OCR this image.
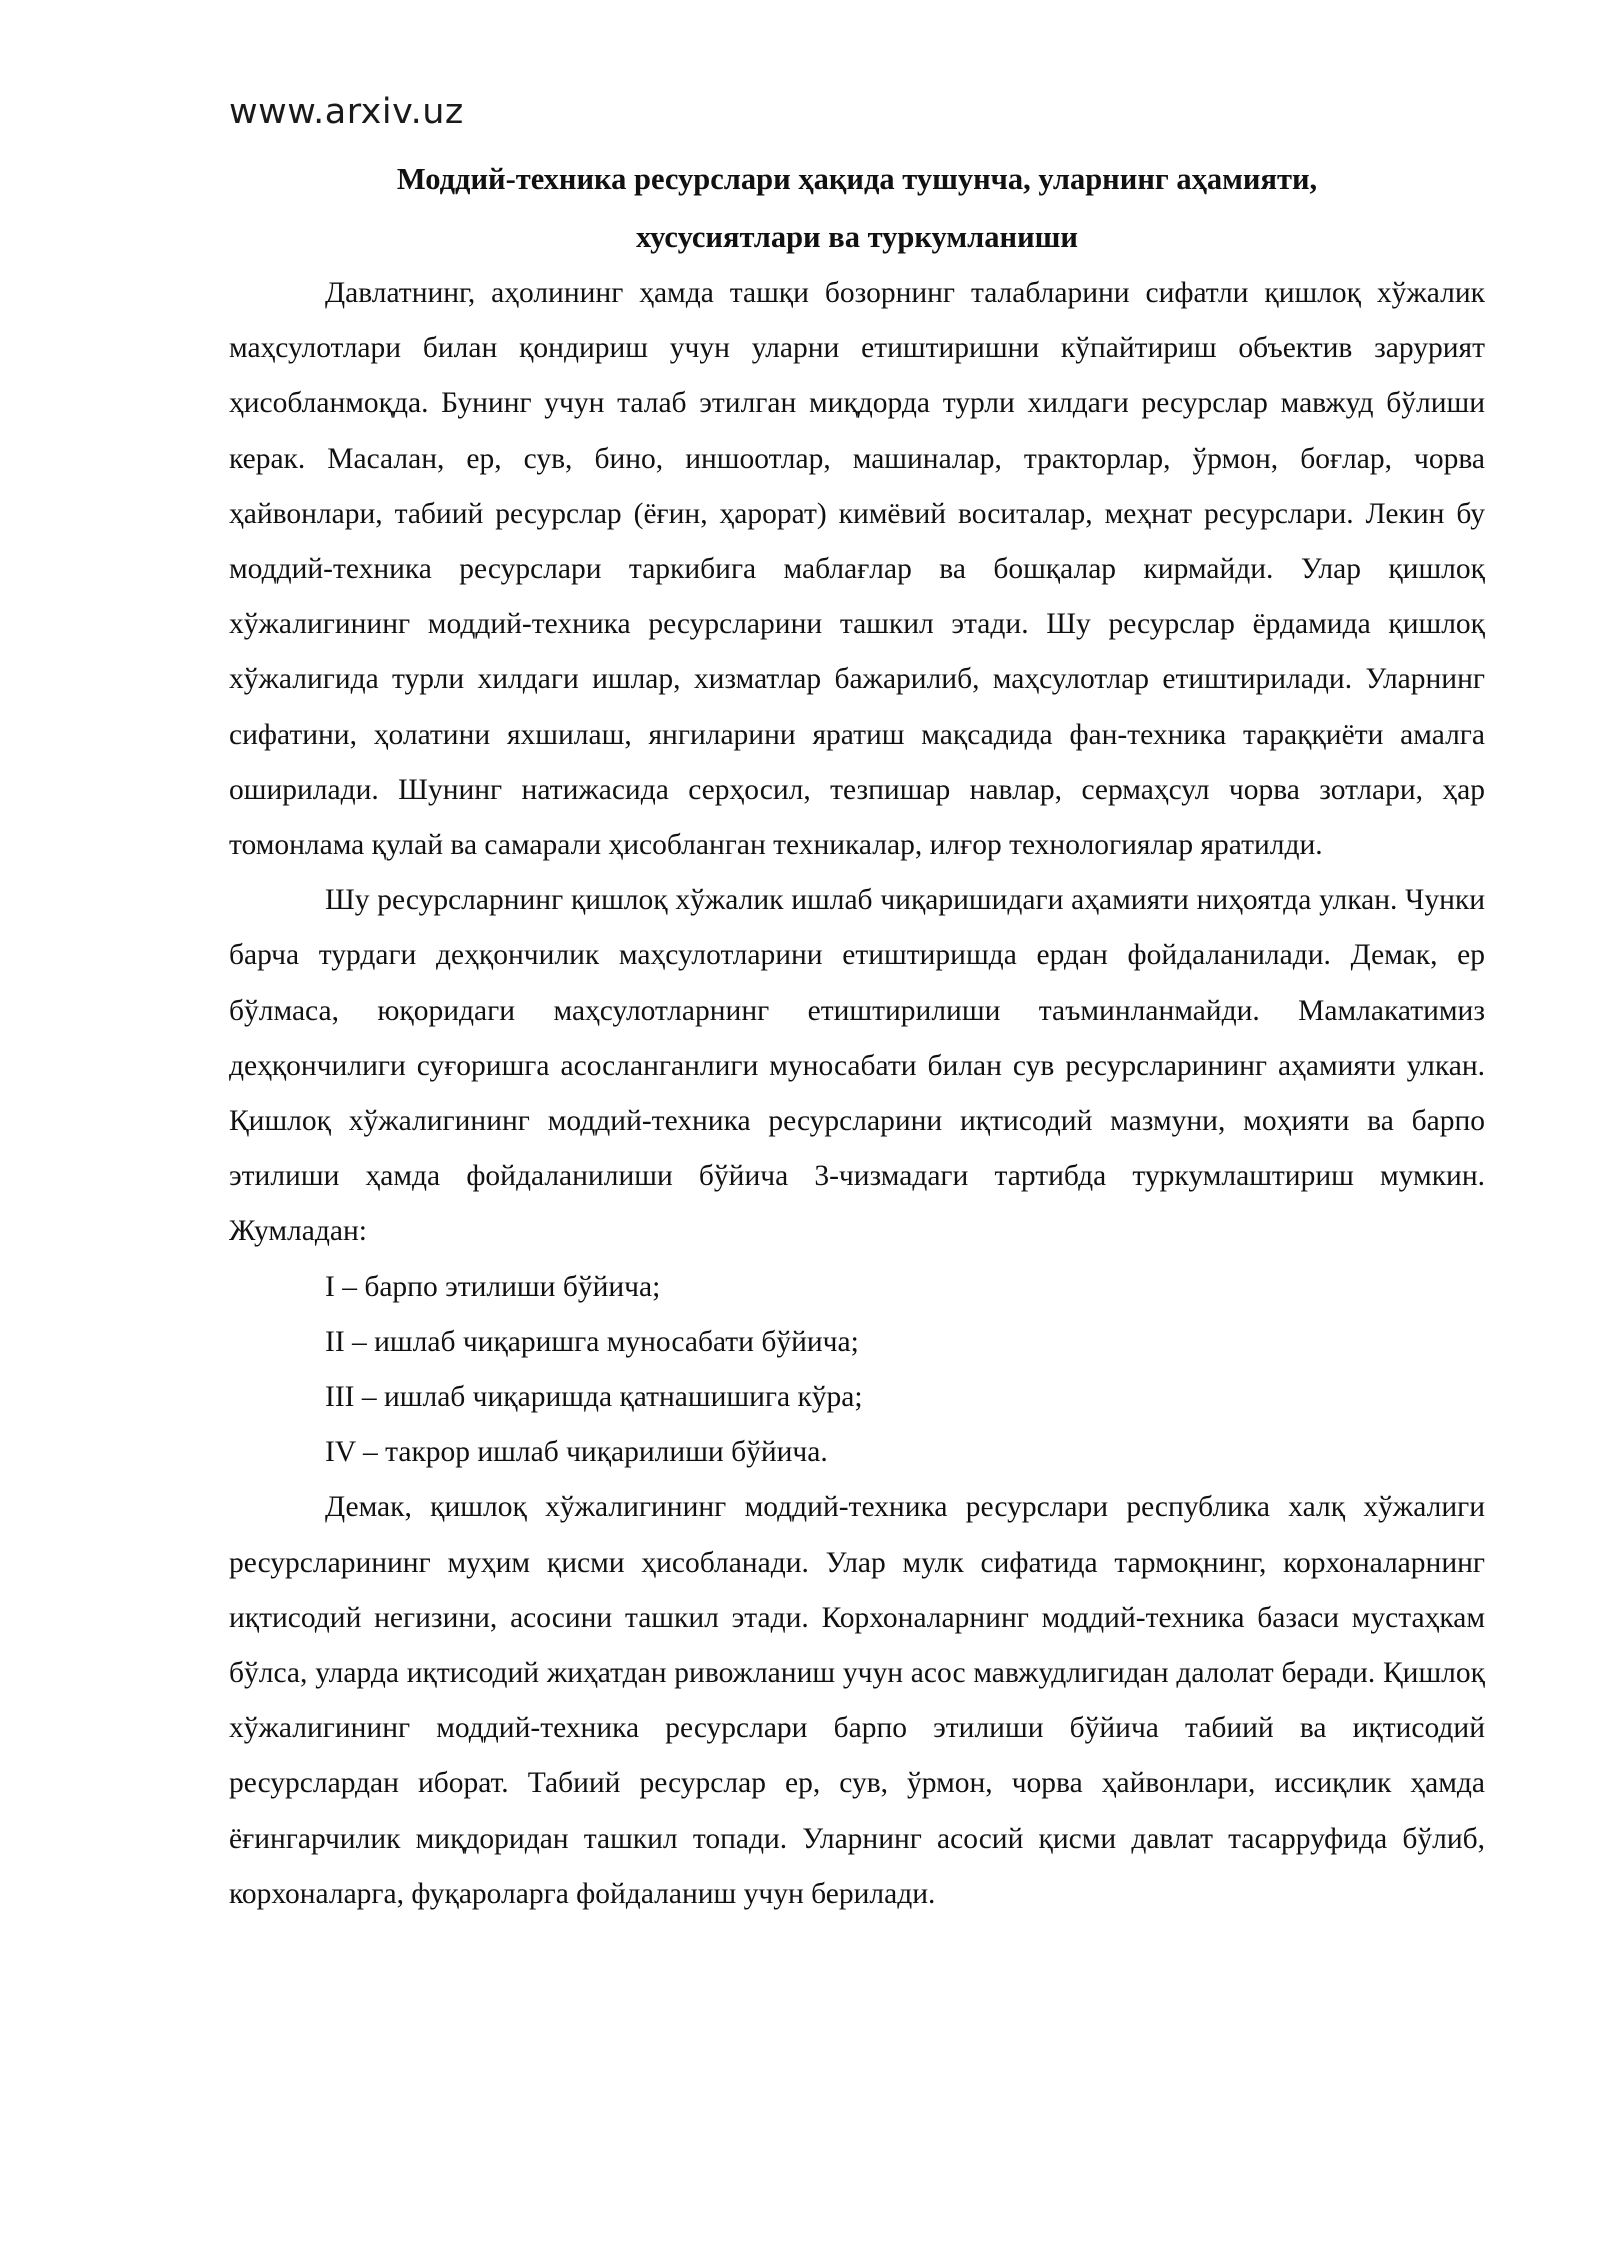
www.arxiv.uz

Моддий-техника ресурслари ҳақида тушунча, уларнинг аҳамияти,

хусусиятлари ва туркумланиши

Давлатнинг, аҳолининг ҳамда ташқи бозорнинг талабларини сифатли қишлоқ хўжалик маҳсулотлари билан қондириш учун уларни етиштиришни кўпайтириш объектив зарурият ҳисобланмоқда. Бунинг учун талаб этилган миқдорда турли хилдаги ресурслар мавжуд бўлиши керак. Масалан, ер, сув, бино, иншоотлар, машиналар, тракторлар, ўрмон, боғлар, чорва ҳайвонлари, табиий ресурслар (ёғин, ҳарорат) кимёвий воситалар, меҳнат ресурслари. Лекин бу моддий-техника ресурслари таркибига маблағлар ва бошқалар кирмайди. Улар қишлоқ хўжалигининг моддий-техника ресурсларини ташкил этади. Шу ресурслар ёрдамида қишлоқ хўжалигида турли хилдаги ишлар, хизматлар бажарилиб, маҳсулотлар етиштирилади. Уларнинг сифатини, ҳолатини яхшилаш, янгиларини яратиш мақсадида фан-техника тараққиёти амалга оширилади. Шунинг натижасида серҳосил, тезпишар навлар, сермаҳсул чорва зотлари, ҳар томонлама қулай ва самарали ҳисобланган техникалар, илғор технологиялар яратилди.

Шу ресурсларнинг қишлоқ хўжалик ишлаб чиқаришидаги аҳамияти ниҳоятда улкан. Чунки барча турдаги деҳқончилик маҳсулотларини етиштиришда ердан фойдаланилади. Демак, ер бўлмаса, юқоридаги маҳсулотларнинг етиштирилиши таъминланмайди. Мамлакатимиз деҳқончилиги суғоришга асосланганлиги муносабати билан сув ресурсларининг аҳамияти улкан. Қишлоқ хўжалигининг моддий-техника ресурсларини иқтисодий мазмуни, моҳияти ва барпо этилиши ҳамда фойдаланилиши бўйича 3-чизмадаги тартибда туркумлаштириш мумкин. Жумладан:

I – барпо этилиши бўйича;

II – ишлаб чиқаришга муносабати бўйича;

III – ишлаб чиқаришда қатнашишига кўра;

IV – такрор ишлаб чиқарилиши бўйича.

Демак, қишлоқ хўжалигининг моддий-техника ресурслари республика халқ хўжалиги ресурсларининг муҳим қисми ҳисобланади. Улар мулк сифатида тармоқнинг, корхоналарнинг иқтисодий негизини, асосини ташкил этади. Корхоналарнинг моддий-техника базаси мустаҳкам бўлса, уларда иқтисодий жиҳатдан ривожланиш учун асос мавжудлигидан далолат беради. Қишлоқ хўжалигининг моддий-техника ресурслари барпо этилиши бўйича табиий ва иқтисодий ресурслардан иборат. Табиий ресурслар ер, сув, ўрмон, чорва ҳайвонлари, иссиқлик ҳамда ёғингарчилик миқдоридан ташкил топади. Уларнинг асосий қисми давлат тасарруфида бўлиб, корхоналарга, фуқароларга фойдаланиш учун берилади.
